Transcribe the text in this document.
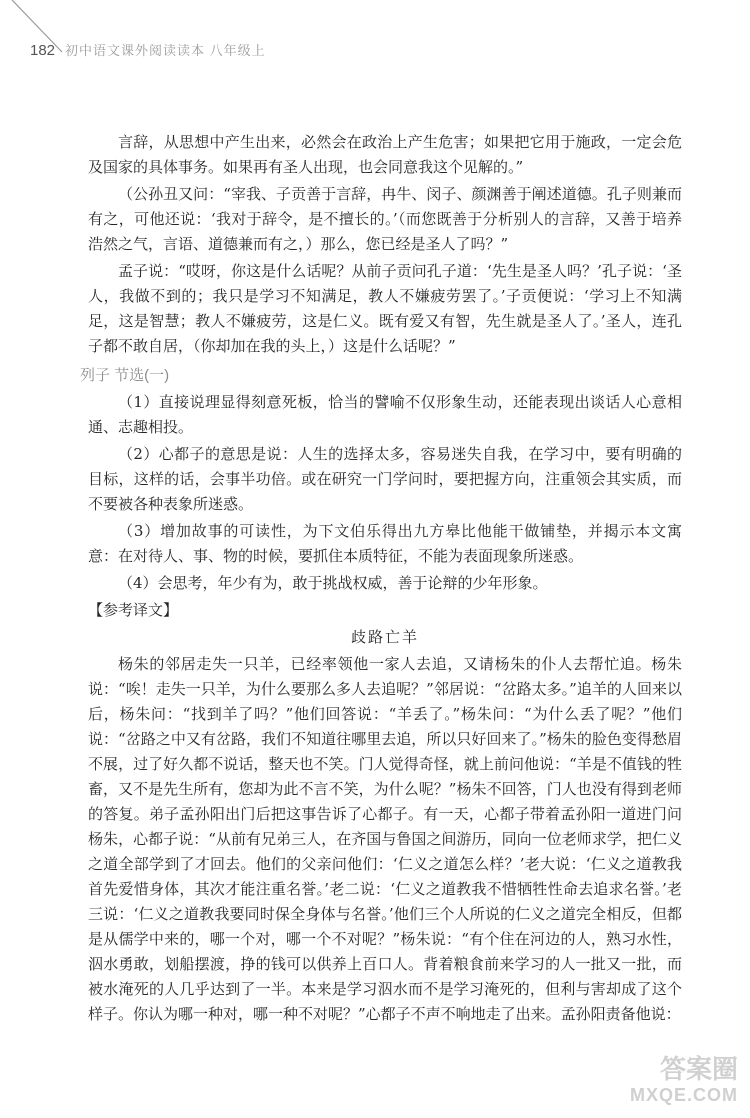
182 初中语文课外阅读读本 八年级上

言辞，从思想中产生出来，必然会在政治上产生危害；如果把它用于施政，一定会危及国家的具体事务。如果再有圣人出现，也会同意我这个见解的。”

（公孙丑又问：“宰我、子贡善于言辞，冉牛、闵子、颜渊善于阐述道德。孔子则兼而有之，可他还说：‘我对于辞令，是不擅长的。’（而您既善于分析别人的言辞，又善于培养浩然之气，言语、道德兼而有之，）那么，您已经是圣人了吗？”

孟子说：“哎呀，你这是什么话呢？从前子贡问孔子道：‘先生是圣人吗？’孔子说：‘圣人，我做不到的；我只是学习不知满足，教人不嫌疲劳罢了。’子贡便说：‘学习上不知满足，这是智慧；教人不嫌疲劳，这是仁义。既有爱又有智，先生就是圣人了。’圣人，连孔子都不敢自居，（你却加在我的头上，）这是什么话呢？”

列子 节选(一)

（1）直接说理显得刻意死板，恰当的譬喻不仅形象生动，还能表现出谈话人心意相通、志趣相投。

（2）心都子的意思是说：人生的选择太多，容易迷失自我，在学习中，要有明确的目标，这样的话，会事半功倍。或在研究一门学问时，要把握方向，注重领会其实质，而不要被各种表象所迷惑。

（3）增加故事的可读性，为下文伯乐得出九方皋比他能干做铺垫，并揭示本文寓意：在对待人、事、物的时候，要抓住本质特征，不能为表面现象所迷惑。

（4）会思考，年少有为，敢于挑战权威，善于论辩的少年形象。

【参考译文】

歧路亡羊

杨朱的邻居走失一只羊，已经率领他一家人去追，又请杨朱的仆人去帮忙追。杨朱说：“唉！走失一只羊，为什么要那么多人去追呢？”邻居说：“岔路太多。”追羊的人回来以后，杨朱问：“找到羊了吗？”他们回答说：“羊丢了。”杨朱问：“为什么丢了呢？”他们说：“岔路之中又有岔路，我们不知道往哪里去追，所以只好回来了。”杨朱的脸色变得愁眉不展，过了好久都不说话，整天也不笑。门人觉得奇怪，就上前问他说：“羊是不值钱的牲畜，又不是先生所有，您却为此不言不笑，为什么呢？”杨朱不回答，门人也没有得到老师的答复。弟子孟孙阳出门后把这事告诉了心都子。有一天，心都子带着孟孙阳一道进门问杨朱，心都子说：“从前有兄弟三人，在齐国与鲁国之间游历，同向一位老师求学，把仁义之道全部学到了才回去。他们的父亲问他们：‘仁义之道怎么样？’老大说：‘仁义之道教我首先爱惜身体，其次才能注重名誉。’老二说：‘仁义之道教我不惜牺牲性命去追求名誉。’老三说：‘仁义之道教我要同时保全身体与名誉。’他们三个人所说的仁义之道完全相反，但都是从儒学中来的，哪一个对，哪一个不对呢？”杨朱说：“有个住在河边的人，熟习水性，泅水勇敢，划船摆渡，挣的钱可以供养上百口人。背着粮食前来学习的人一批又一批，而被水淹死的人几乎达到了一半。本来是学习泅水而不是学习淹死的，但利与害却成了这个样子。你认为哪一种对，哪一种不对呢？”心都子不声不响地走了出来。孟孙阳责备他说：

答案圈
MXQE.COM
